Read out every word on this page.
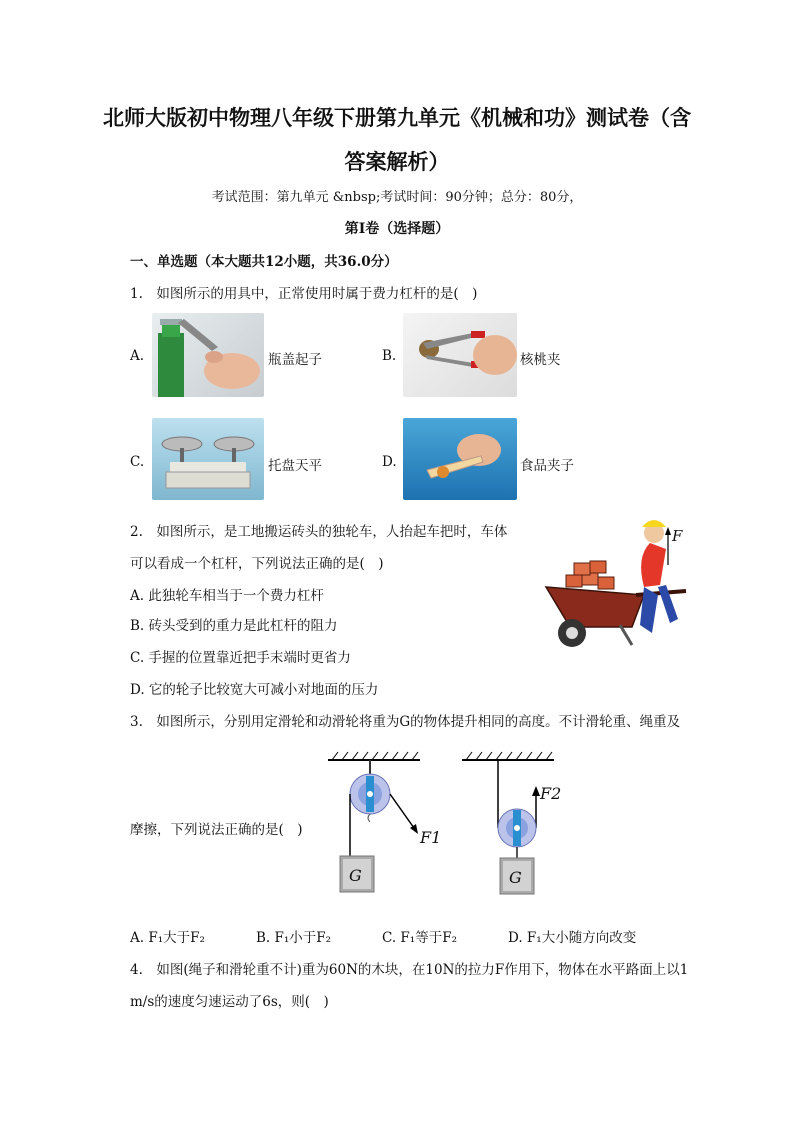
北师大版初中物理八年级下册第九单元《机械和功》测试卷（含
答案解析）
考试范围：第九单元 &nbsp;考试时间：90分钟；总分：80分，
第I卷（选择题）
一、单选题（本大题共12小题，共36.0分）
1.　如图所示的用具中，正常使用时属于费力杠杆的是(　)
A.	瓶盖起子	B.	核桃夹
C.	托盘天平	D.	食品夹子
2.　如图所示，是工地搬运砖头的独轮车，人抬起车把时，车体
可以看成一个杠杆，下列说法正确的是(　)
A. 此独轮车相当于一个费力杠杆
B. 砖头受到的重力是此杠杆的阻力
C. 手握的位置靠近把手末端时更省力
D. 它的轮子比较宽大可减小对地面的压力
F
3.　如图所示，分别用定滑轮和动滑轮将重为G的物体提升相同的高度。不计滑轮重、绳重及
摩擦，下列说法正确的是(　)	F1
F2
G	G
A. F₁大于F₂	B. F₁小于F₂	C. F₁等于F₂	D. F₁大小随方向改变
4.　如图(绳子和滑轮重不计)重为60N的木块，在10N的拉力F作用下，物体在水平路面上以1
m/s的速度匀速运动了6s，则(　)
